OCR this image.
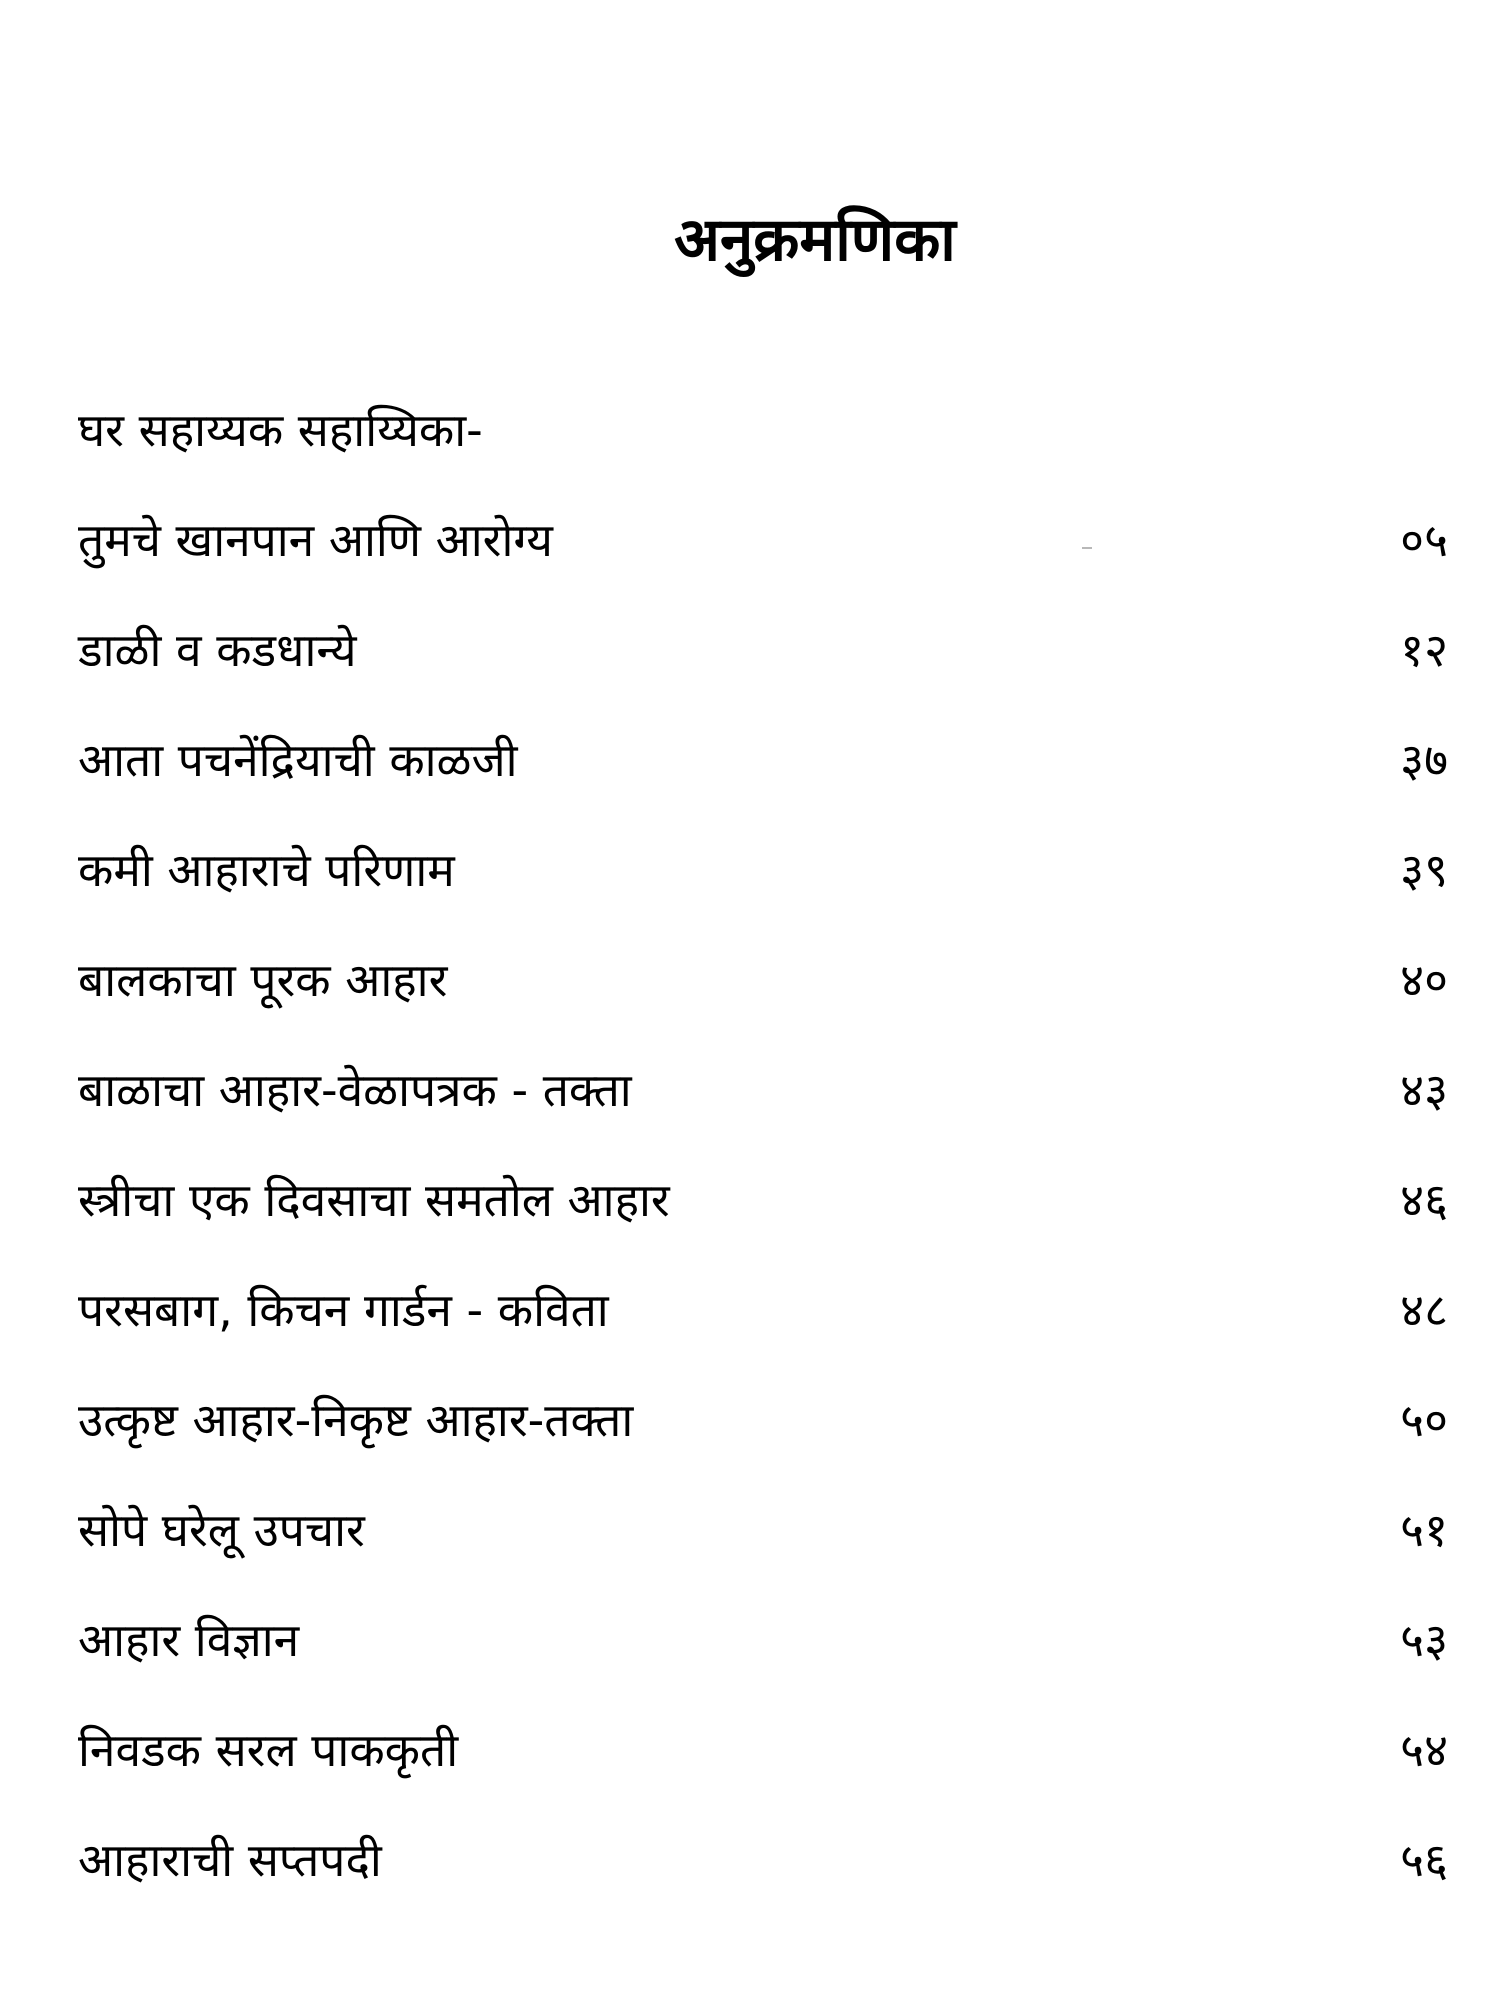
अनुक्रमणिका
घर सहाय्यक सहाय्यिका-
तुमचे खानपान आणि आरोग्य	०५
डाळी व कडधान्ये	१२
आता पचनेंद्रियाची काळजी	३७
कमी आहाराचे परिणाम	३९
बालकाचा पूरक आहार	४०
बाळाचा आहार-वेळापत्रक - तक्ता	४३
स्त्रीचा एक दिवसाचा समतोल आहार	४६
परसबाग, किचन गार्डन - कविता	४८
उत्कृष्ट आहार-निकृष्ट आहार-तक्ता	५०
सोपे घरेलू उपचार	५१
आहार विज्ञान	५३
निवडक सरल पाककृती	५४
आहाराची सप्तपदी	५६
